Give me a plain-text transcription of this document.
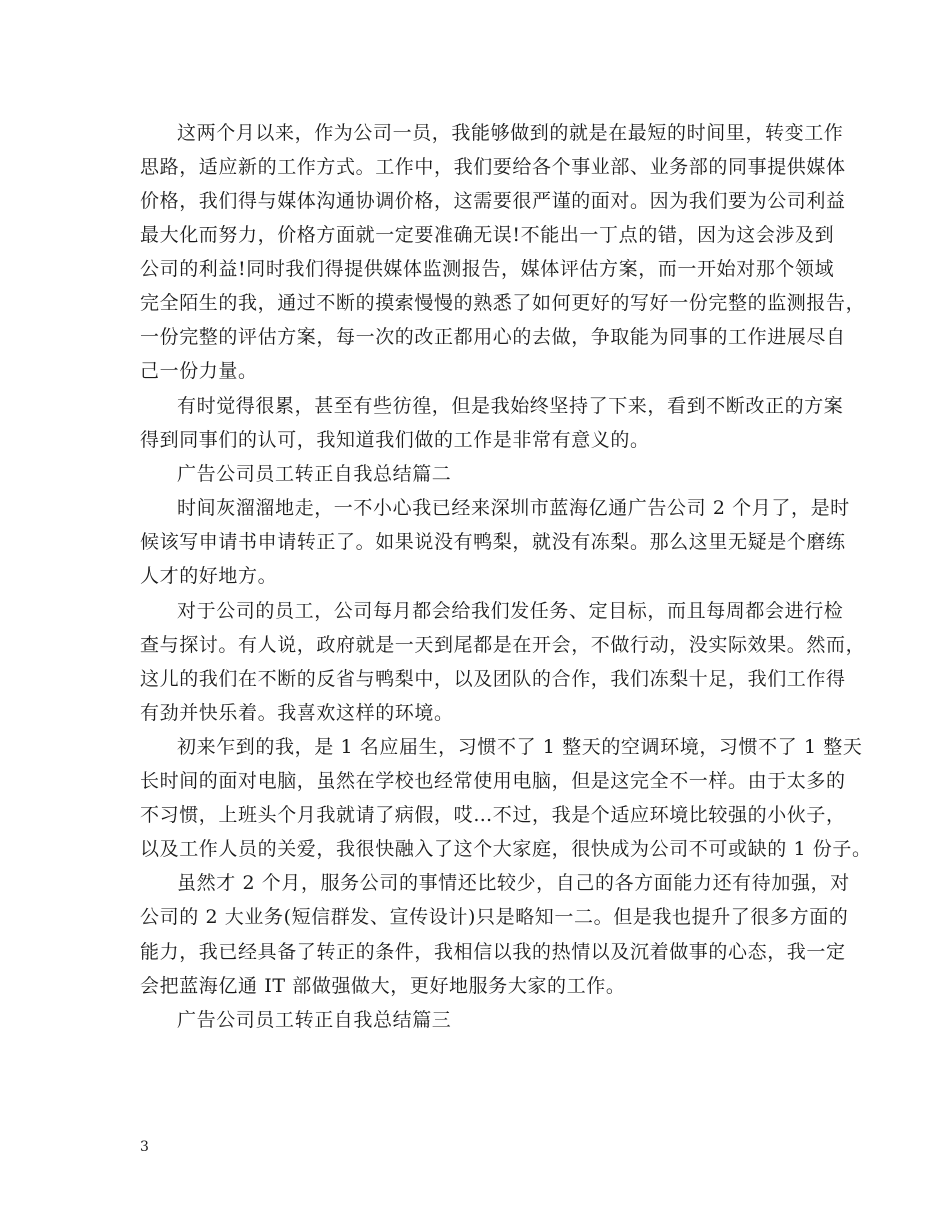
这两个月以来，作为公司一员，我能够做到的就是在最短的时间里，转变工作
思路，适应新的工作方式。工作中，我们要给各个事业部、业务部的同事提供媒体
价格，我们得与媒体沟通协调价格，这需要很严谨的面对。因为我们要为公司利益
最大化而努力，价格方面就一定要准确无误!不能出一丁点的错，因为这会涉及到
公司的利益!同时我们得提供媒体监测报告，媒体评估方案，而一开始对那个领域
完全陌生的我，通过不断的摸索慢慢的熟悉了如何更好的写好一份完整的监测报告，
一份完整的评估方案，每一次的改正都用心的去做，争取能为同事的工作进展尽自
己一份力量。
有时觉得很累，甚至有些彷徨，但是我始终坚持了下来，看到不断改正的方案
得到同事们的认可，我知道我们做的工作是非常有意义的。
广告公司员工转正自我总结篇二
时间灰溜溜地走，一不小心我已经来深圳市蓝海亿通广告公司 2 个月了，是时
候该写申请书申请转正了。如果说没有鸭梨，就没有冻梨。那么这里无疑是个磨练
人才的好地方。
对于公司的员工，公司每月都会给我们发任务、定目标，而且每周都会进行检
查与探讨。有人说，政府就是一天到尾都是在开会，不做行动，没实际效果。然而，
这儿的我们在不断的反省与鸭梨中，以及团队的合作，我们冻梨十足，我们工作得
有劲并快乐着。我喜欢这样的环境。
初来乍到的我，是 1 名应届生，习惯不了 1 整天的空调环境，习惯不了 1 整天
长时间的面对电脑，虽然在学校也经常使用电脑，但是这完全不一样。由于太多的
不习惯，上班头个月我就请了病假，哎…不过，我是个适应环境比较强的小伙子，
以及工作人员的关爱，我很快融入了这个大家庭，很快成为公司不可或缺的 1 份子。
虽然才 2 个月，服务公司的事情还比较少，自己的各方面能力还有待加强，对
公司的 2 大业务(短信群发、宣传设计)只是略知一二。但是我也提升了很多方面的
能力，我已经具备了转正的条件，我相信以我的热情以及沉着做事的心态，我一定
会把蓝海亿通 IT 部做强做大，更好地服务大家的工作。
广告公司员工转正自我总结篇三
3
